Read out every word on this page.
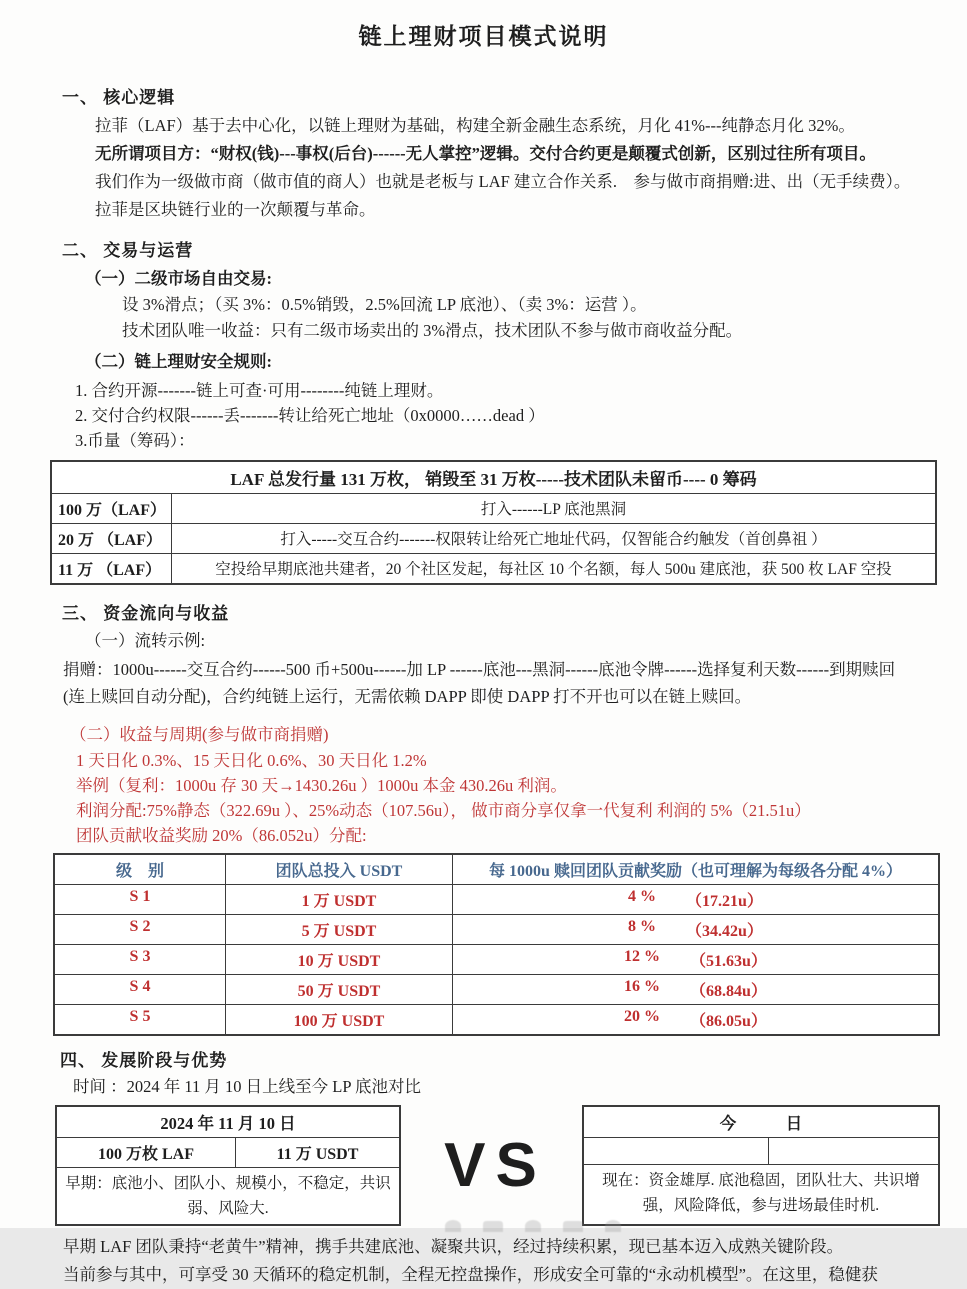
链上理财项目模式说明
一、 核心逻辑
拉菲（LAF）基于去中心化，以链上理财为基础，构建全新金融生态系统，月化 41%---纯静态月化 32%。
无所谓项目方：“财权(钱)---事权(后台)------无人掌控”逻辑。交付合约更是颠覆式创新，区别过往所有项目。
我们作为一级做市商（做市值的商人）也就是老板与 LAF 建立合作关系.　参与做市商捐赠:进、出（无手续费）。
拉菲是区块链行业的一次颠覆与革命。
二、 交易与运营
（一）二级市场自由交易:
设 3%滑点；（买 3%：0.5%销毁，2.5%回流 LP 底池）、（卖 3%：运营 ）。
技术团队唯一收益：只有二级市场卖出的 3%滑点，技术团队不参与做市商收益分配。
（二）链上理财安全规则:
1. 合约开源-------链上可查·可用--------纯链上理财。
2. 交付合约权限------丢-------转让给死亡地址（0x0000……dead ）
3.币量（筹码）：
LAF 总发行量 131 万枚， 销毁至 31 万枚-----技术团队未留币---- 0 筹码
100 万（LAF）	打入------LP 底池黑洞
20 万 （LAF）	打入-----交互合约-------权限转让给死亡地址代码，仅智能合约触发（首创鼻祖 ）
11 万 （LAF）	空投给早期底池共建者，20 个社区发起，每社区 10 个名额，每人 500u 建底池，获 500 枚 LAF 空投
三、 资金流向与收益
（一）流转示例:
捐赠：1000u------交互合约------500 币+500u------加 LP ------底池---黑洞------底池令牌------选择复利天数------到期赎回
(连上赎回自动分配)，合约纯链上运行，无需依赖 DAPP 即使 DAPP 打不开也可以在链上赎回。
（二）收益与周期(参与做市商捐赠)
1 天日化 0.3%、15 天日化 0.6%、30 天日化 1.2%
举例（复利：1000u 存 30 天→1430.26u ）1000u 本金 430.26u 利润。
利润分配:75%静态（322.69u ）、25%动态（107.56u）， 做市商分享仅拿一代复利 利润的 5%（21.51u）
团队贡献收益奖励 20%（86.052u）分配:
级　别	团队总投入 USDT	每 1000u 赎回团队贡献奖励（也可理解为每级各分配 4%）
S 1	1 万 USDT	4 % （17.21u）
S 2	5 万 USDT	8 % （34.42u）
S 3	10 万 USDT	12 % （51.63u）
S 4	50 万 USDT	16 % （68.84u）
S 5	100 万 USDT	20 % （86.05u）
四、 发展阶段与优势
时间 ：2024 年 11 月 10 日上线至今 LP 底池对比
2024 年 11 月 10 日
100 万枚 LAF	11 万 USDT
早期：底池小、团队小、规模小，不稳定，共识弱、风险大.
VS
今　　　日
现在：资金雄厚. 底池稳固，团队壮大、共识增强，风险降低，参与进场最佳时机.
早期 LAF 团队秉持“老黄牛”精神，携手共建底池、凝聚共识，经过持续积累，现已基本迈入成熟关键阶段。
当前参与其中，可享受 30 天循环的稳定机制，全程无控盘操作，形成安全可靠的“永动机模型”。在这里，稳健获
